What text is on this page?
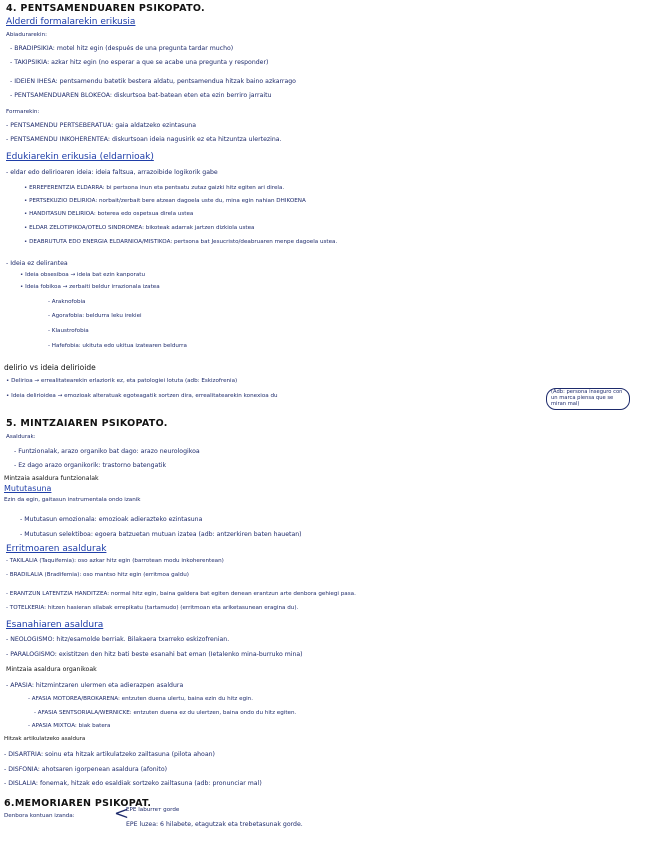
4. PENTSAMENDUAREN PSIKOPATO.
Alderdi formalarekin erikusia
Abiadurarekin:
- BRADIPSIKIA: motel hitz egin (después de una pregunta tardar mucho)
- TAKIPSIKIA: azkar hitz egin (no esperar a que se acabe una pregunta y responder)
- IDEIEN IHESA: pentsamendu batetik bestera aldatu, pentsamendua hitzak baino azkarrago
- PENTSAMENDUAREN BLOKEOA: diskurtsoa bat-batean eten eta ezin berriro jarraitu
Formarekin:
- PENTSAMENDU PERTSEBERATUA: gaia aldatzeko ezintasuna
- PENTSAMENDU INKOHERENTEA: diskurtsoan ideia nagusirik ez eta hitzuntza ulertezina.
Edukiarekin erikusia (eldarnioak)
- eldar edo delirioaren ideia: ideia faltsua, arrazoibide logikorik gabe
• ERREFERENTZIA ELDARRA: bi pertsona inun eta pentsatu zutaz gaizki hitz egiten ari direla.
• PERTSEKUZIO DELIRIOA: norbait/zerbait bere atzean dagoela uste du, mina egin nahian DHIKOENA
• HANDITASUN DELIRIOA: boterea edo ospetsua direla ustea
• ELDAR ZELOTIPIKOA/OTELO SINDROMEA: bikoteak adarrak jartzen dizkiola ustea
• DEABRUTUTA EDO ENERGIA ELDARNIOA/MISTIKOA: pertsona bat Jesucristo/deabruaren menpe dagoela ustea.
- Ideia ez delirantea
• Ideia obsesiboa → ideia bat ezin kanporatu
• Ideia fobikoa → zerbaiti beldur irrazionala izatea
- Araknofobia
- Agorafobia: beldurra leku irekiei
- Klaustrofobia
- Hafefobia: ukituta edo ukitua izatearen beldurra
delirio vs ideia delirioide
• Delirioa → errealitatearekin erlaziorik ez, eta patologiei lotuta (adb: Eskizofrenia)
• Ideia delirioidea → emozioak alteratuak egoteagatik sortzen dira, errealitatearekin konexioa du
(Adb: persona inseguro con un marca piensa que se miran mal)
5. MINTZAIAREN PSIKOPATO.
Asaldurak:
- Funtzionalak, arazo organiko bat dago: arazo neurologikoa
- Ez dago arazo organikorik: trastorno batengatik
Mintzaia asaldura funtzionalak
Mututasuna
Ezin da egin, gaitasun instrumentala ondo izanik
- Mututasun emozionala: emozioak adierazteko ezintasuna
- Mututasun selektiboa: egoera batzuetan mutuan izatea (adb: antzerkiren baten hauetan)
Erritmoaren asaldurak
- TAKILALIA (Taquifemia): oso azkar hitz egin (barrotean modu inkoherentean)
- BRADILALIA (Bradifemia): oso mantso hitz egin (erritmoa galdu)
- ERANTZUN LATENTZIA HANDITZEA: normal hitz egin, baina galdera bat egiten denean erantzun arte denbora gehiegi pasa.
- TOTELKERIA: hitzen hasieran silabak errepikatu (tartamudo) (erritmoan eta ariketasunean eragina du).
Esanahiaren asaldura
- NEOLOGISMO: hitz/esamolde berriak. Bilakaera txarreko eskizofrenian.
- PARALOGISMO: existitzen den hitz bati beste esanahi bat eman (Ietalenko mina-burruko mina)
Mintzaia asaldura organikoak
- APASIA: hitzmintzaren ulermen eta adierazpen asaldura
- AFASIA MOTOREA/BROKARENA: entzuten duena ulertu, baina ezin du hitz egin.
- AFASIA SENTSORIALA/WERNICKE: entzuten duena ez du ulertzen, baina ondo du hitz egiten.
- APASIA MIXTOA: biak batera
Hitzak artikulatzeko asaldura
- DISARTRIA: soinu eta hitzak artikulatzeko zailtasuna (pilota ahoan)
- DISFONIA: ahotsaren igorpenean asaldura (afonito)
- DISLALIA: fonemak, hitzak edo esaldiak sortzeko zailtasuna (adb: pronunciar mal)
6.MEMORIAREN PSIKOPAT.
Denbora kontuan izanda: <
EPE laburreт gorde
EPE luzea: 6 hilabete, etagutzak eta trebetasunak gorde.
